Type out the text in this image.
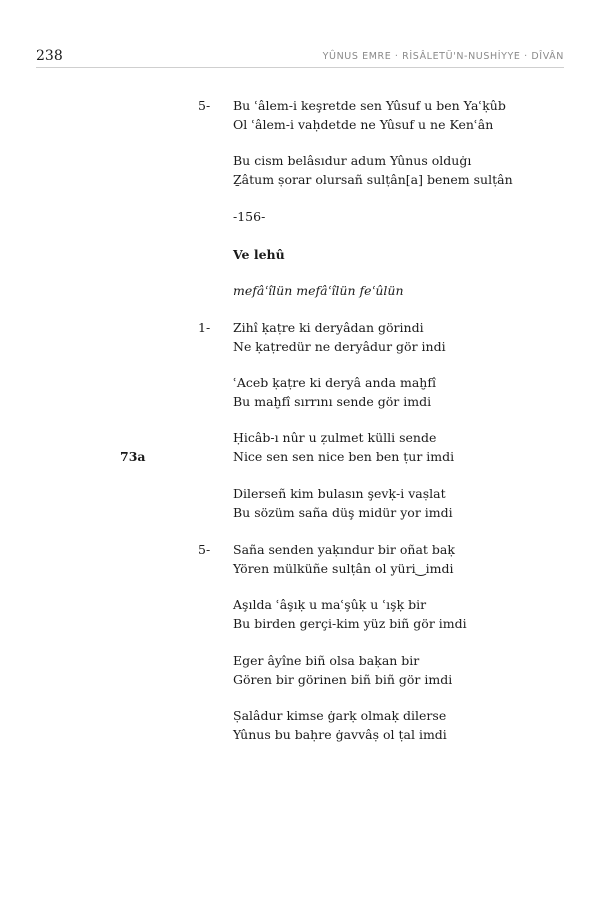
238	YÛNUS EMRE · RİSÂLETÜ'N-NUSHİYYE · DÎVÂN
5- Bu ʿâlem-i keşretde sen Yûsuf u ben Yaʿḳûb
Ol ʿâlem-i vaḥdetde ne Yûsuf u ne Kenʿân
Bu cism belâsıdur adum Yûnus olduġı
Ẕâtum ṣorar olursañ sulṭân[a] benem sulṭân
-156-
Ve lehû
mefâʿîlün mefâʿîlün feʿûlün
1- Zihî ḳaṭre ki deryâdan görindi
Ne ḳaṭredür ne deryâdur gör indi
ʿAceb ḳaṭre ki deryâ anda maḫfî
Bu maḫfî sırrını sende gör imdi
Ḥicâb-ı nûr u ẓulmet külli sende
73a	Nice sen sen nice ben ben ṭur imdi
Dilerseñ kim bulasın şevḳ-i vaṣlat
Bu sözüm saña düş midür yor imdi
5- Saña senden yaḳındur bir oñat baḳ
Yören mülküñe sulṭân ol yüri‿imdi
Aşılda ʿâşıḳ u maʿşûḳ u ʿışḳ bir
Bu birden gerçi-kim yüz biñ gör imdi
Eger âyîne biñ olsa baḳan bir
Gören bir görinen biñ biñ gör imdi
Ṣalâdur kimse ġarḳ olmaḳ dilerse
Yûnus bu baḥre ġavvâṣ ol ṭal imdi
